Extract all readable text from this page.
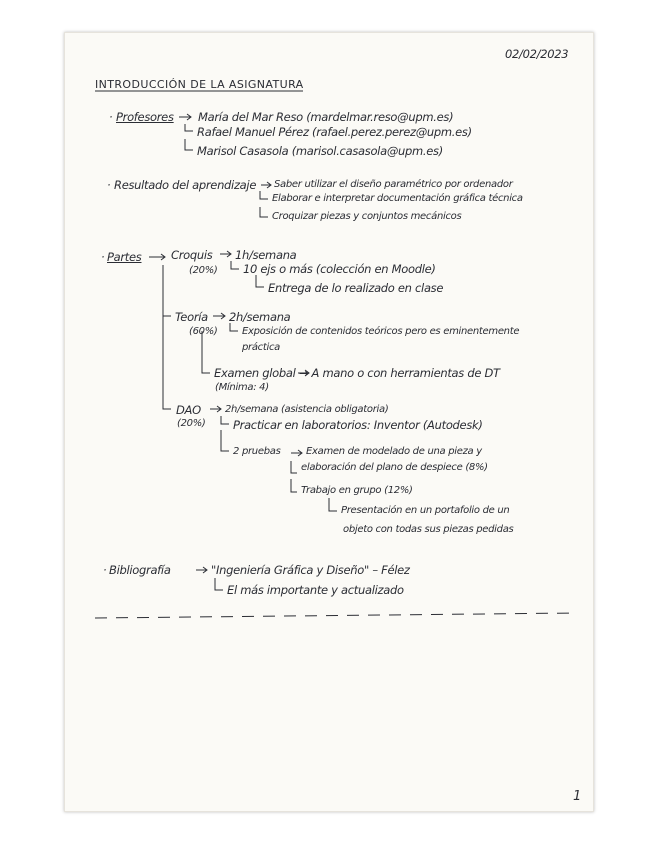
02/02/2023
INTRODUCCIÓN DE LA ASIGNATURA
· Profesores María del Mar Reso (mardelmar.reso@upm.es)
Rafael Manuel Pérez (rafael.perez.perez@upm.es)
Marisol Casasola (marisol.casasola@upm.es)
· Resultado del aprendizaje Saber utilizar el diseño paramétrico por ordenador
Elaborar e interpretar documentación gráfica técnica
Croquizar piezas y conjuntos mecánicos
· Partes	Croquis
(20%)
1h/semana
10 ejs o más (colección en Moodle)
Entrega de lo realizado en clase
Teoría
(60%)
2h/semana
Exposición de contenidos teóricos pero es eminentemente
práctica
Examen global → A mano o con herramientas de DT
(Mínima: 4)
DAO
(20%)
2h/semana (asistencia obligatoria)
Practicar en laboratorios: Inventor (Autodesk)
2 pruebas	Examen de modelado de una pieza y
elaboración del plano de despiece (8%)
Trabajo en grupo (12%)
Presentación en un portafolio de un
objeto con todas sus piezas pedidas
· Bibliografía	"Ingeniería Gráfica y Diseño" – Félez
El más importante y actualizado
1
